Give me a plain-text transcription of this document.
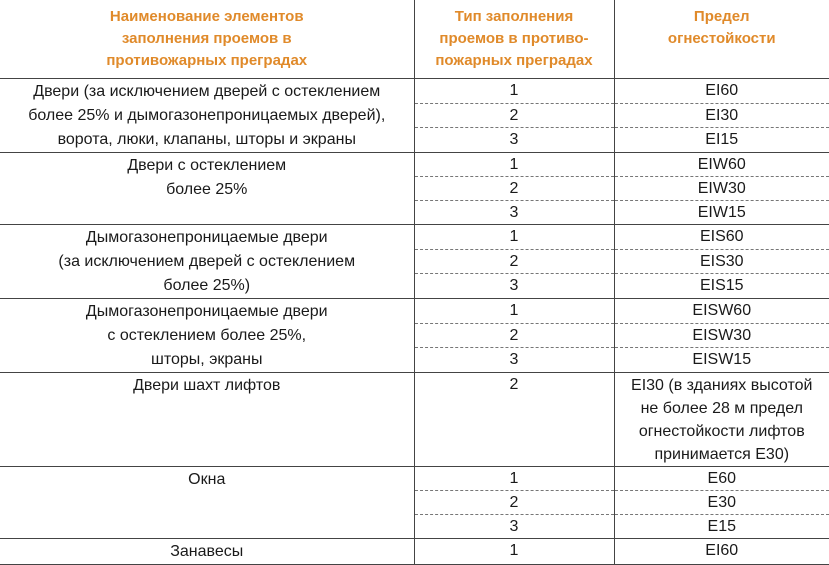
Наименование элементов
заполнения проемов в
противожарных преградах	Тип заполнения
проемов в противо-
пожарных преградах	Предел
огнестойкости

Двери (за исключением дверей с остеклением
более 25% и дымогазонепроницаемых дверей),
ворота, люки, клапаны, шторы и экраны	1	EI60
	2	EI30
	3	EI15

Двери с остеклением
более 25%	1	EIW60
	2	EIW30
	3	EIW15

Дымогазонепроницаемые двери
(за исключением дверей с остеклением
более 25%)	1	EIS60
	2	EIS30
	3	EIS15

Дымогазонепроницаемые двери
с остеклением более 25%,
шторы, экраны	1	EISW60
	2	EISW30
	3	EISW15

Двери шахт лифтов	2	EI30 (в зданиях высотой
не более 28 м предел
огнестойкости лифтов
принимается E30)

Окна	1	E60
	2	E30
	3	E15

Занавесы	1	EI60
